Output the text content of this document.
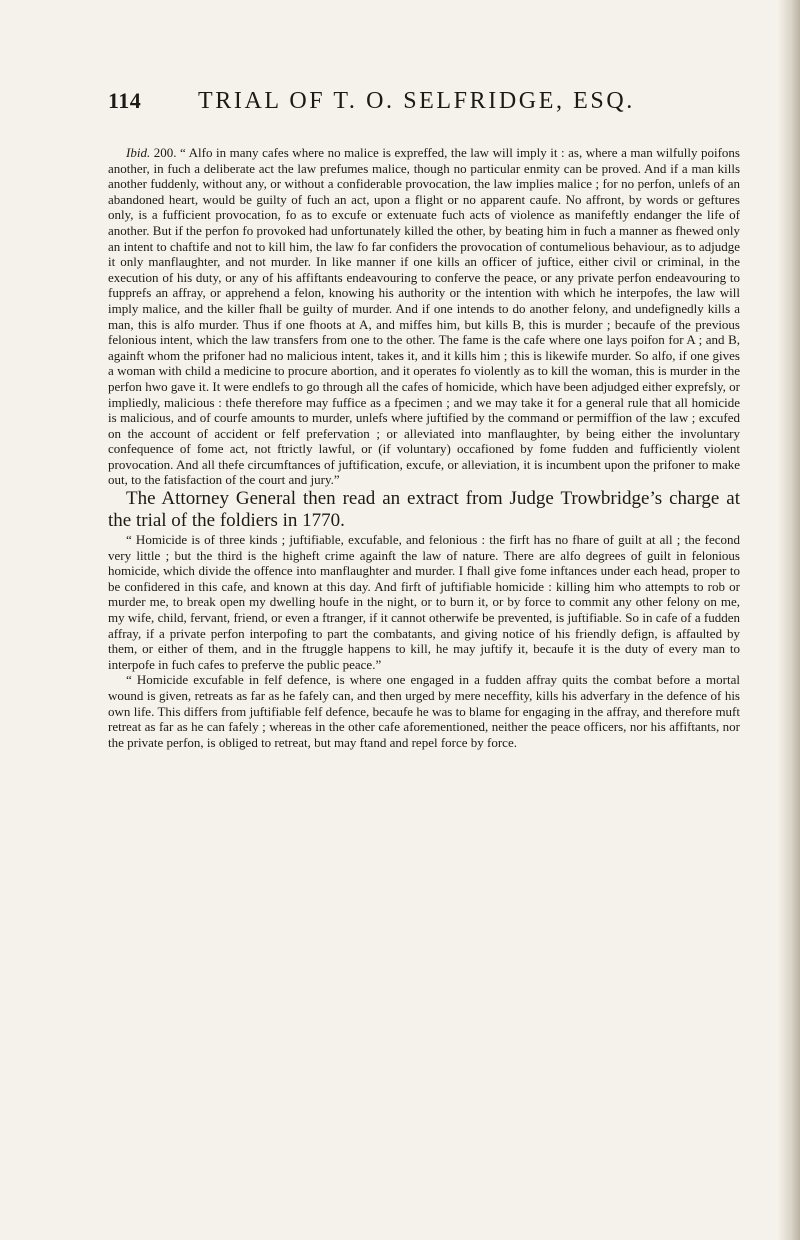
114 TRIAL OF T. O. SELFRIDGE, ESQ.

Ibid. 200. “ Alfo in many cafes where no malice is expreffed, the law will imply it : as, where a man wilfully poifons another, in fuch a deliberate act the law prefumes malice, though no particular enmity can be proved. And if a man kills another fuddenly, without any, or without a confiderable provocation, the law implies malice ; for no perfon, unlefs of an abandoned heart, would be guilty of fuch an act, upon a flight or no apparent caufe. No affront, by words or geftures only, is a fufficient provocation, fo as to excufe or extenuate fuch acts of violence as manifeftly endanger the life of another. But if the perfon fo provoked had unfortunately killed the other, by beating him in fuch a manner as fhewed only an intent to chaftife and not to kill him, the law fo far confiders the provocation of contumelious behaviour, as to adjudge it only manflaughter, and not murder. In like manner if one kills an officer of juftice, either civil or criminal, in the execution of his duty, or any of his affiftants endeavouring to conferve the peace, or any private perfon endeavouring to fupprefs an affray, or apprehend a felon, knowing his authority or the intention with which he interpofes, the law will imply malice, and the killer fhall be guilty of murder. And if one intends to do another felony, and undefignedly kills a man, this is alfo murder. Thus if one fhoots at A, and miffes him, but kills B, this is murder ; becaufe of the previous felonious intent, which the law transfers from one to the other. The fame is the cafe where one lays poifon for A ; and B, againft whom the prifoner had no malicious intent, takes it, and it kills him ; this is likewife murder. So alfo, if one gives a woman with child a medicine to procure abortion, and it operates fo violently as to kill the woman, this is murder in the perfon hwo gave it. It were endlefs to go through all the cafes of homicide, which have been adjudged either exprefsly, or impliedly, malicious : thefe therefore may fuffice as a fpecimen ; and we may take it for a general rule that all homicide is malicious, and of courfe amounts to murder, unlefs where juftified by the command or permiffion of the law ; excufed on the account of accident or felf prefervation ; or alleviated into manflaughter, by being either the involuntary confequence of fome act, not ftrictly lawful, or (if voluntary) occafioned by fome fudden and fufficiently violent provocation. And all thefe circumftances of juftification, excufe, or alleviation, it is incumbent upon the prifoner to make out, to the fatisfaction of the court and jury.”

The Attorney General then read an extract from Judge Trowbridge’s charge at the trial of the foldiers in 1770.

“ Homicide is of three kinds ; juftifiable, excufable, and felonious : the firft has no fhare of guilt at all ; the fecond very little ; but the third is the higheft crime againft the law of nature. There are alfo degrees of guilt in felonious homicide, which divide the offence into manflaughter and murder. I fhall give fome inftances under each head, proper to be confidered in this cafe, and known at this day. And firft of juftifiable homicide : killing him who attempts to rob or murder me, to break open my dwelling houfe in the night, or to burn it, or by force to commit any other felony on me, my wife, child, fervant, friend, or even a ftranger, if it cannot otherwife be prevented, is juftifiable. So in cafe of a fudden affray, if a private perfon interpofing to part the combatants, and giving notice of his friendly defign, is affaulted by them, or either of them, and in the ftruggle happens to kill, he may juftify it, becaufe it is the duty of every man to interpofe in fuch cafes to preferve the public peace.”

“ Homicide excufable in felf defence, is where one engaged in a fudden affray quits the combat before a mortal wound is given, retreats as far as he fafely can, and then urged by mere neceffity, kills his adverfary in the defence of his own life. This differs from juftifiable felf defence, becaufe he was to blame for engaging in the affray, and therefore muft retreat as far as he can fafely ; whereas in the other cafe aforementioned, neither the peace officers, nor his affiftants, nor the private perfon, is obliged to retreat, but may ftand and repel force by force.
